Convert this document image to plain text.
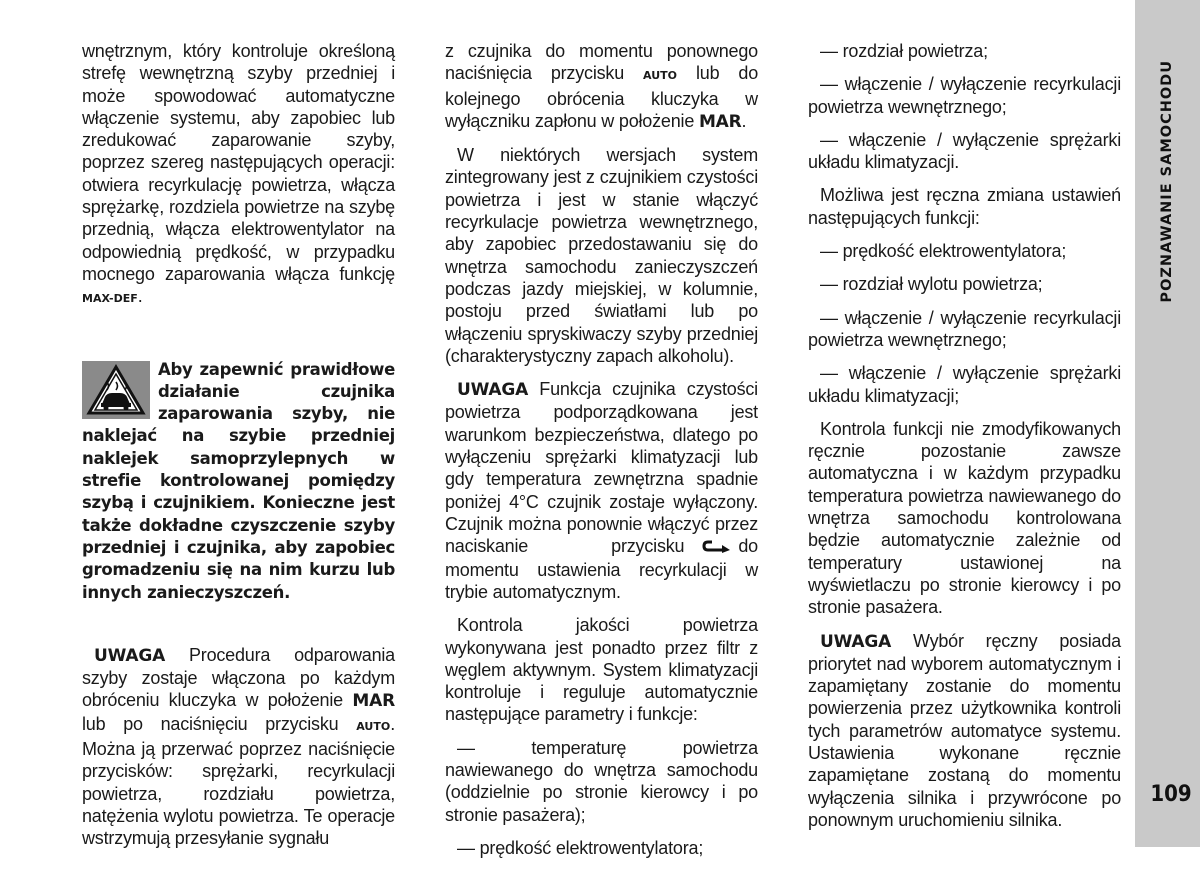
wnętrznym, który kontroluje określoną strefę wewnętrzną szyby przedniej i może spowodować automatyczne włączenie systemu, aby zapobiec lub zredukować zaparowanie szyby, poprzez szereg następujących operacji: otwiera recyrkulację powietrza, włącza sprężarkę, rozdziela powietrze na szybę przednią, włącza elektrowentylator na odpowiednią prędkość, w przypadku mocnego zaparowania włącza funkcję MAX-DEF.

Aby zapewnić prawidłowe działanie czujnika zaparowania szyby, nie naklejać na szybie przedniej naklejek samoprzylepnych w strefie kontrolowanej pomiędzy szybą i czujnikiem. Konieczne jest także dokładne czyszczenie szyby przedniej i czujnika, aby zapobiec gromadzeniu się na nim kurzu lub innych zanieczyszczeń.

UWAGA Procedura odparowania szyby zostaje włączona po każdym obróceniu kluczyka w położenie MAR lub po naciśnięciu przycisku AUTO. Można ją przerwać poprzez naciśnięcie przycisków: sprężarki, recyrkulacji powietrza, rozdziału powietrza, natężenia wylotu powietrza. Te operacje wstrzymują przesyłanie sygnału

z czujnika do momentu ponownego naciśnięcia przycisku AUTO lub do kolejnego obrócenia kluczyka w wyłączniku zapłonu w położenie MAR.

W niektórych wersjach system zintegrowany jest z czujnikiem czystości powietrza i jest w stanie włączyć recyrkulacje powietrza wewnętrznego, aby zapobiec przedostawaniu się do wnętrza samochodu zanieczyszczeń podczas jazdy miejskiej, w kolumnie, postoju przed światłami lub po włączeniu spryskiwaczy szyby przedniej (charakterystyczny zapach alkoholu).

UWAGA Funkcja czujnika czystości powietrza podporządkowana jest warunkom bezpieczeństwa, dlatego po wyłączeniu sprężarki klimatyzacji lub gdy temperatura zewnętrzna spadnie poniżej 4°C czujnik zostaje wyłączony. Czujnik można ponownie włączyć przez naciskanie przycisku	do momentu ustawienia recyrkulacji w trybie automatycznym.

Kontrola jakości powietrza wykonywana jest ponadto przez filtr z węglem aktywnym. System klimatyzacji kontroluje i reguluje automatycznie następujące parametry i funkcje:

— temperaturę powietrza nawiewanego do wnętrza samochodu (oddzielnie po stronie kierowcy i po stronie pasażera);

— prędkość elektrowentylatora;

— rozdział powietrza;

— włączenie / wyłączenie recyrkulacji powietrza wewnętrznego;

— włączenie / wyłączenie sprężarki układu klimatyzacji.

Możliwa jest ręczna zmiana ustawień następujących funkcji:

— prędkość elektrowentylatora;

— rozdział wylotu powietrza;

— włączenie / wyłączenie recyrkulacji powietrza wewnętrznego;

— włączenie / wyłączenie sprężarki układu klimatyzacji;

Kontrola funkcji nie zmodyfikowanych ręcznie pozostanie zawsze automatyczna i w każdym przypadku temperatura powietrza nawiewanego do wnętrza samochodu kontrolowana będzie automatycznie zależnie od temperatury ustawionej na wyświetlaczu po stronie kierowcy i po stronie pasażera.

UWAGA Wybór ręczny posiada priorytet nad wyborem automatycznym i zapamiętany zostanie do momentu powierzenia przez użytkownika kontroli tych parametrów automatyce systemu. Ustawienia wykonane ręcznie zapamiętane zostaną do momentu wyłączenia silnika i przywrócone po ponownym uruchomieniu silnika.

POZNAWANIE SAMOCHODU
109
